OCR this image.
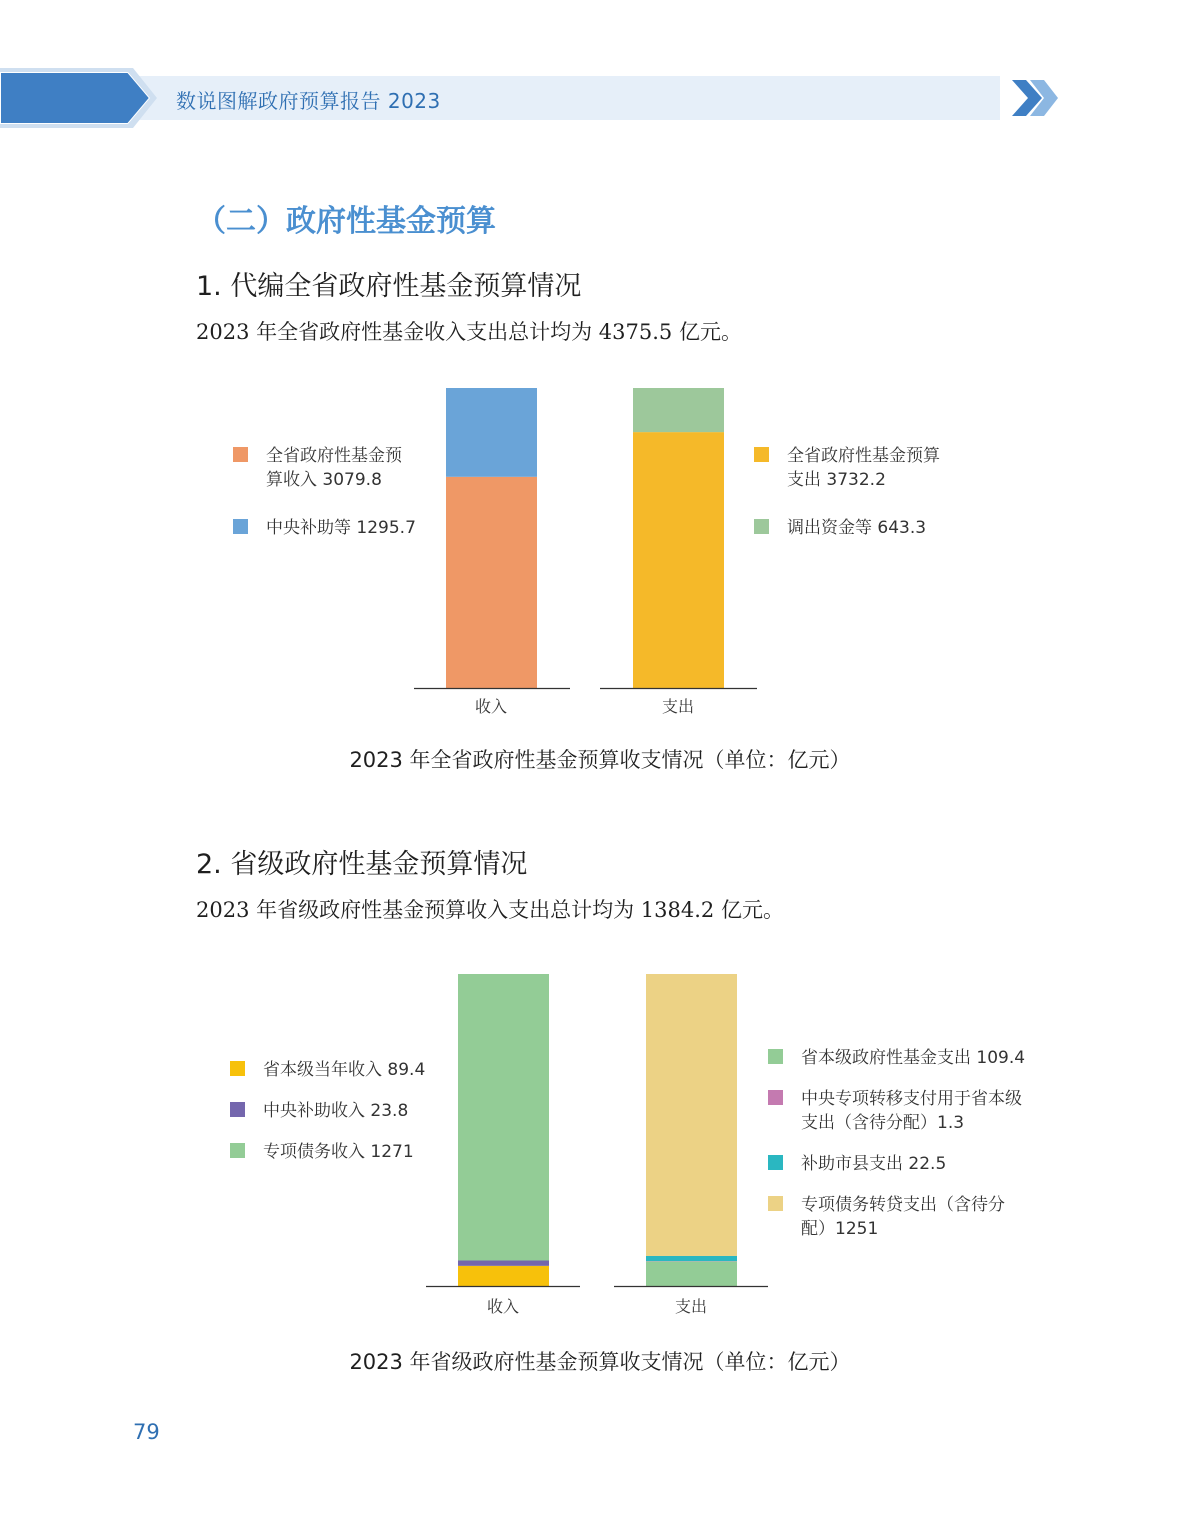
数说图解政府预算报告 2023
（二）政府性基金预算
1. 代编全省政府性基金预算情况
2023 年全省政府性基金收入支出总计均为 4375.5 亿元。
全省政府性基金预
算收入 3079.8
中央补助等 1295.7
全省政府性基金预算
支出 3732.2
调出资金等 643.3
收入	支出
2023 年全省政府性基金预算收支情况（单位：亿元）
2. 省级政府性基金预算情况
2023 年省级政府性基金预算收入支出总计均为 1384.2 亿元。
省本级当年收入 89.4
中央补助收入 23.8
专项债务收入 1271
省本级政府性基金支出 109.4
中央专项转移支付用于省本级
支出（含待分配）1.3
补助市县支出 22.5
专项债务转贷支出（含待分
配）1251
收入	支出
2023 年省级政府性基金预算收支情况（单位：亿元）
79
